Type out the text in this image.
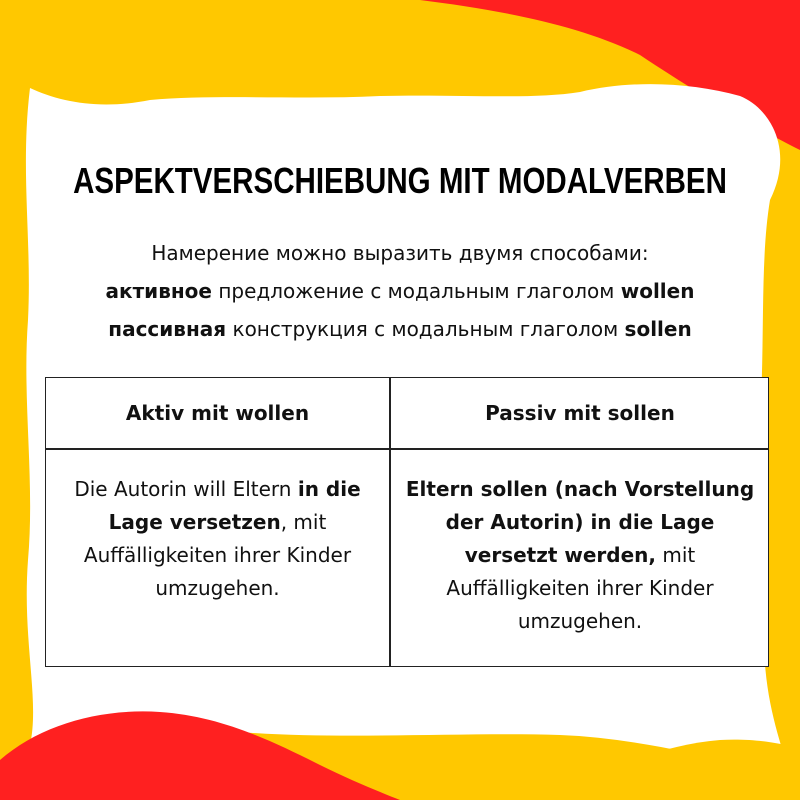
ASPEKTVERSCHIEBUNG MIT MODALVERBEN
Намерение можно выразить двумя способами:
активное предложение с модальным глаголом wollen
пассивная конструкция с модальным глаголом sollen
Aktiv mit wollen	Passiv mit sollen
Die Autorin will Eltern in die Lage versetzen, mit Auffälligkeiten ihrer Kinder umzugehen.
Eltern sollen (nach Vorstellung der Autorin) in die Lage versetzt werden, mit Auffälligkeiten ihrer Kinder umzugehen.
